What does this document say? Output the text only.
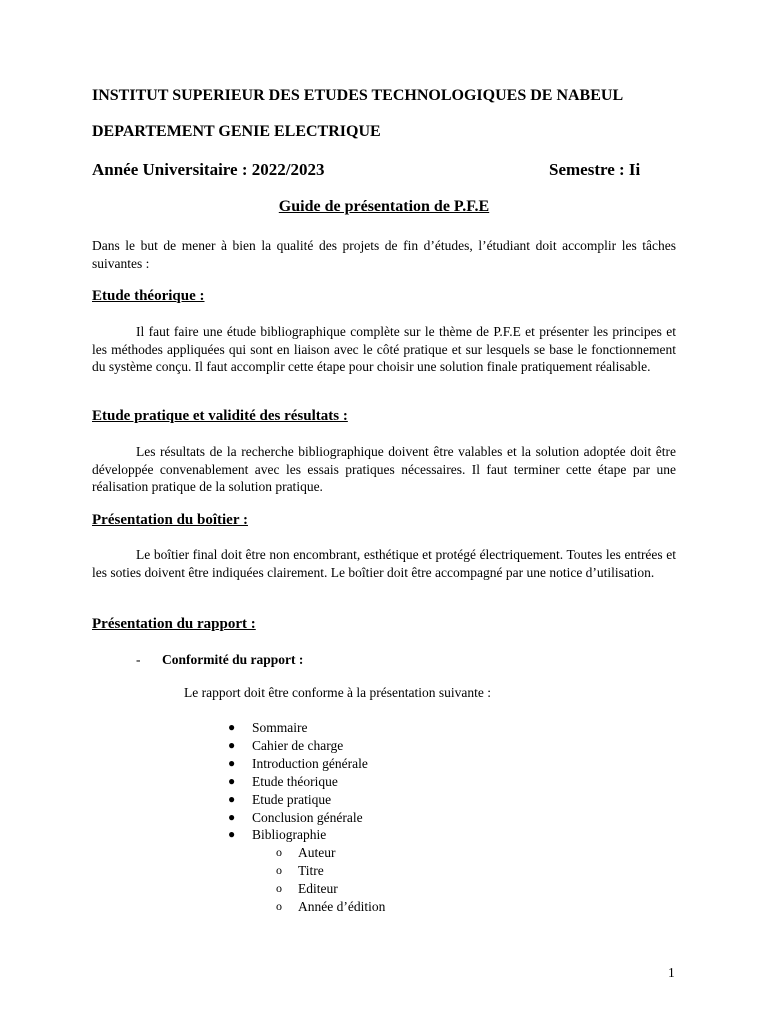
INSTITUT SUPERIEUR DES ETUDES TECHNOLOGIQUES DE NABEUL

DEPARTEMENT GENIE ELECTRIQUE

Année Universitaire : 2022/2023	Semestre : Ii

Guide de présentation de P.F.E

Dans le but de mener à bien la qualité des projets de fin d’études, l’étudiant doit accomplir les tâches suivantes :

Etude théorique :

Il faut faire une étude bibliographique complète sur le thème de P.F.E et présenter les principes et les méthodes appliquées qui sont en liaison avec le côté pratique et sur lesquels se base le fonctionnement du système conçu. Il faut accomplir cette étape pour choisir une solution finale pratiquement réalisable.

Etude pratique et validité des résultats :

Les résultats de la recherche bibliographique doivent être valables et la solution adoptée doit être développée convenablement avec les essais pratiques nécessaires. Il faut terminer cette étape par une réalisation pratique de la solution pratique.

Présentation du boîtier :

Le boîtier final doit être non encombrant, esthétique et protégé électriquement. Toutes les entrées et les soties doivent être indiquées clairement. Le boîtier doit être accompagné par une notice d’utilisation.

Présentation du rapport :

- Conformité du rapport :

Le rapport doit être conforme à la présentation suivante :

● Sommaire
● Cahier de charge
● Introduction générale
● Etude théorique
● Etude pratique
● Conclusion générale
● Bibliographie
o Auteur
o Titre
o Editeur
o Année d’édition

1
